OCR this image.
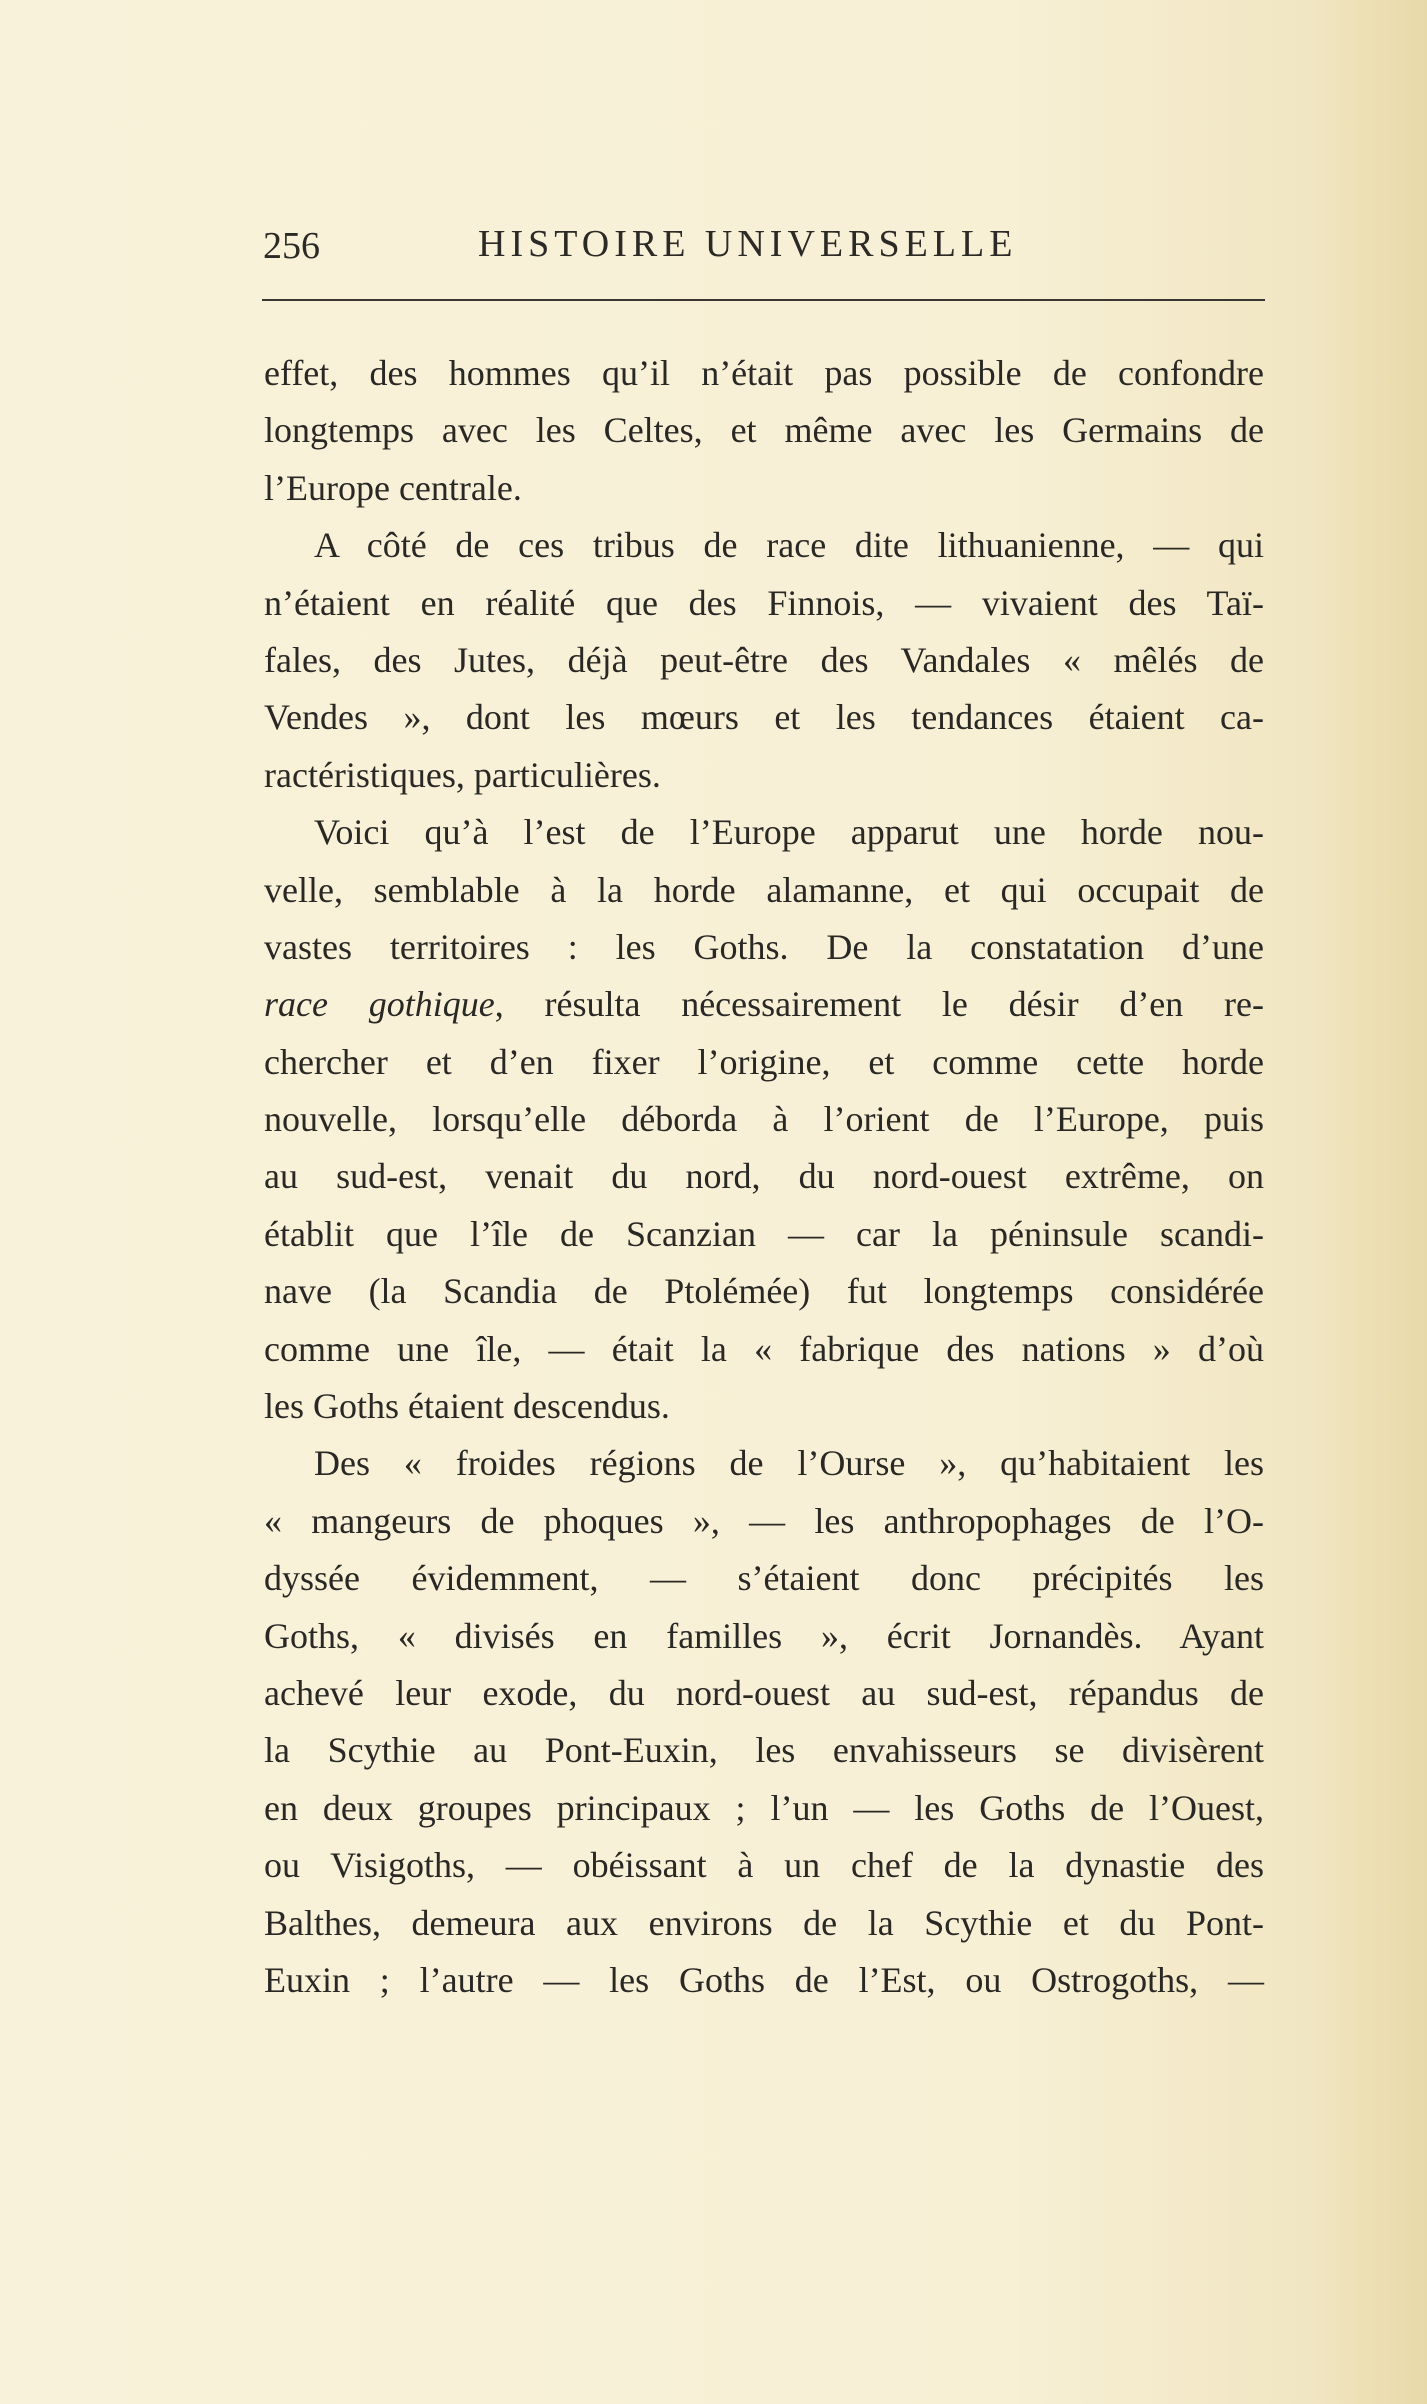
256	HISTOIRE UNIVERSELLE
effet, des hommes qu’il n’était pas possible de confondre
longtemps avec les Celtes, et même avec les Germains de
l’Europe centrale.
A côté de ces tribus de race dite lithuanienne, — qui
n’étaient en réalité que des Finnois, — vivaient des Taï-
fales, des Jutes, déjà peut-être des Vandales « mêlés de
Vendes », dont les mœurs et les tendances étaient ca-
ractéristiques, particulières.
Voici qu’à l’est de l’Europe apparut une horde nou-
velle, semblable à la horde alamanne, et qui occupait de
vastes territoires : les Goths. De la constatation d’une
race gothique, résulta nécessairement le désir d’en re-
chercher et d’en fixer l’origine, et comme cette horde
nouvelle, lorsqu’elle déborda à l’orient de l’Europe, puis
au sud-est, venait du nord, du nord-ouest extrême, on
établit que l’île de Scanzian — car la péninsule scandi-
nave (la Scandia de Ptolémée) fut longtemps considérée
comme une île, — était la « fabrique des nations » d’où
les Goths étaient descendus.
Des « froides régions de l’Ourse », qu’habitaient les
« mangeurs de phoques », — les anthropophages de l’O-
dyssée évidemment, — s’étaient donc précipités les
Goths, « divisés en familles », écrit Jornandès. Ayant
achevé leur exode, du nord-ouest au sud-est, répandus de
la Scythie au Pont-Euxin, les envahisseurs se divisèrent
en deux groupes principaux ; l’un — les Goths de l’Ouest,
ou Visigoths, — obéissant à un chef de la dynastie des
Balthes, demeura aux environs de la Scythie et du Pont-
Euxin ; l’autre — les Goths de l’Est, ou Ostrogoths, —
